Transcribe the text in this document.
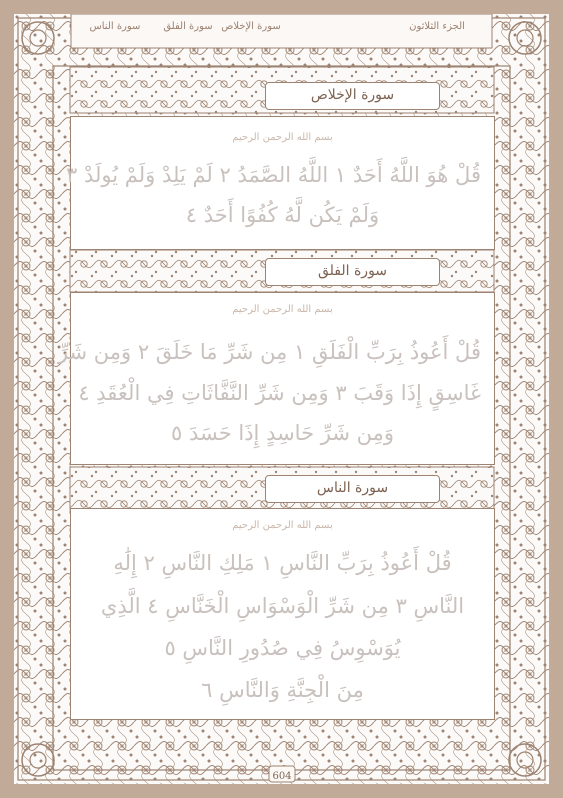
الجزء الثلاثون
سورة الناس	سورة الفلق سورة الإخلاص
سورة الإخلاص
بسم الله الرحمن الرحيم
قُلْ هُوَ اللَّهُ أَحَدٌ ١ اللَّهُ الصَّمَدُ ٢ لَمْ يَلِدْ وَلَمْ يُولَدْ ٣
وَلَمْ يَكُن لَّهُ كُفُوًا أَحَدٌ ٤
سورة الفلق
بسم الله الرحمن الرحيم
قُلْ أَعُوذُ بِرَبِّ الْفَلَقِ ١ مِن شَرِّ مَا خَلَقَ ٢ وَمِن شَرِّ
غَاسِقٍ إِذَا وَقَبَ ٣ وَمِن شَرِّ النَّفَّاثَاتِ فِي الْعُقَدِ ٤
وَمِن شَرِّ حَاسِدٍ إِذَا حَسَدَ ٥
سورة الناس
بسم الله الرحمن الرحيم
قُلْ أَعُوذُ بِرَبِّ النَّاسِ ١ مَلِكِ النَّاسِ ٢ إِلَٰهِ
النَّاسِ ٣ مِن شَرِّ الْوَسْوَاسِ الْخَنَّاسِ ٤ الَّذِي
يُوَسْوِسُ فِي صُدُورِ النَّاسِ ٥
مِنَ الْجِنَّةِ وَالنَّاسِ ٦
604
